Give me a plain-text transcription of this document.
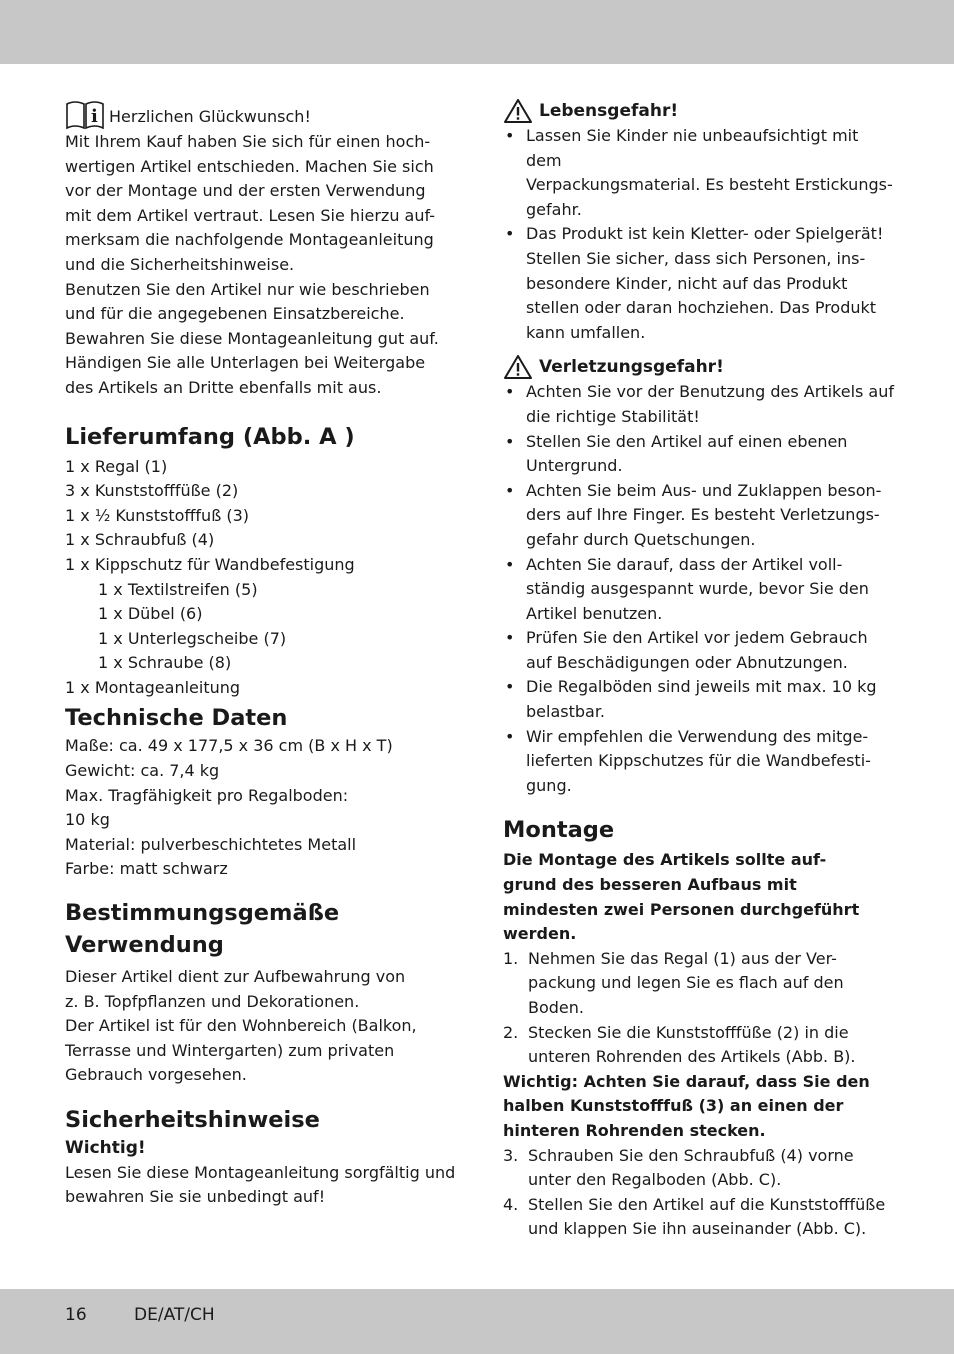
i Herzlichen Glückwunsch!

Mit Ihrem Kauf haben Sie sich für einen hoch-

wertigen Artikel entschieden. Machen Sie sich

vor der Montage und der ersten Verwendung

mit dem Artikel vertraut. Lesen Sie hierzu auf-

merksam die nachfolgende Montageanleitung

und die Sicherheitshinweise.

Benutzen Sie den Artikel nur wie beschrieben

und für die angegebenen Einsatzbereiche.

Bewahren Sie diese Montageanleitung gut auf.

Händigen Sie alle Unterlagen bei Weitergabe

des Artikels an Dritte ebenfalls mit aus.

Lieferumfang (Abb. A )

1 x Regal (1)

3 x Kunststofffüße (2)

1 x ½ Kunststofffuß (3)

1 x Schraubfuß (4)

1 x Kippschutz für Wandbefestigung

1 x Textilstreifen (5)

1 x Dübel (6)

1 x Unterlegscheibe (7)

1 x Schraube (8)

1 x Montageanleitung

Technische Daten

Maße: ca. 49 x 177,5 x 36 cm (B x H x T)

Gewicht: ca. 7,4 kg

Max. Tragfähigkeit pro Regalboden:

10 kg

Material: pulverbeschichtetes Metall

Farbe: matt schwarz

Bestimmungsgemäße
Verwendung

Dieser Artikel dient zur Aufbewahrung von

z. B. Topfpflanzen und Dekorationen.

Der Artikel ist für den Wohnbereich (Balkon,

Terrasse und Wintergarten) zum privaten

Gebrauch vorgesehen.

Sicherheitshinweise

Wichtig!

Lesen Sie diese Montageanleitung sorgfältig und

bewahren Sie sie unbedingt auf!

Lebensgefahr!
• Lassen Sie Kinder nie unbeaufsichtigt mit dem
Verpackungsmaterial. Es besteht Erstickungs-
gefahr.
• Das Produkt ist kein Kletter- oder Spielgerät!
Stellen Sie sicher, dass sich Personen, ins-
besondere Kinder, nicht auf das Produkt
stellen oder daran hochziehen. Das Produkt
kann umfallen.
Verletzungsgefahr!
• Achten Sie vor der Benutzung des Artikels auf
die richtige Stabilität!
• Stellen Sie den Artikel auf einen ebenen
Untergrund.
• Achten Sie beim Aus- und Zuklappen beson-
ders auf Ihre Finger. Es besteht Verletzungs-
gefahr durch Quetschungen.
• Achten Sie darauf, dass der Artikel voll-
ständig ausgespannt wurde, bevor Sie den
Artikel benutzen.
• Prüfen Sie den Artikel vor jedem Gebrauch
auf Beschädigungen oder Abnutzungen.
• Die Regalböden sind jeweils mit max. 10 kg
belastbar.
• Wir empfehlen die Verwendung des mitge-
lieferten Kippschutzes für die Wandbefesti-
gung.
Montage

Die Montage des Artikels sollte auf-

grund des besseren Aufbaus mit

mindesten zwei Personen durchgeführt

werden.

1. Nehmen Sie das Regal (1) aus der Ver-
packung und legen Sie es flach auf den
Boden.
2. Stecken Sie die Kunststofffüße (2) in die
unteren Rohrenden des Artikels (Abb. B).

Wichtig: Achten Sie darauf, dass Sie den

halben Kunststofffuß (3) an einen der

hinteren Rohrenden stecken.

3. Schrauben Sie den Schraubfuß (4) vorne
unter den Regalboden (Abb. C).
4. Stellen Sie den Artikel auf die Kunststofffüße
und klappen Sie ihn auseinander (Abb. C).
16	DE/AT/CH
